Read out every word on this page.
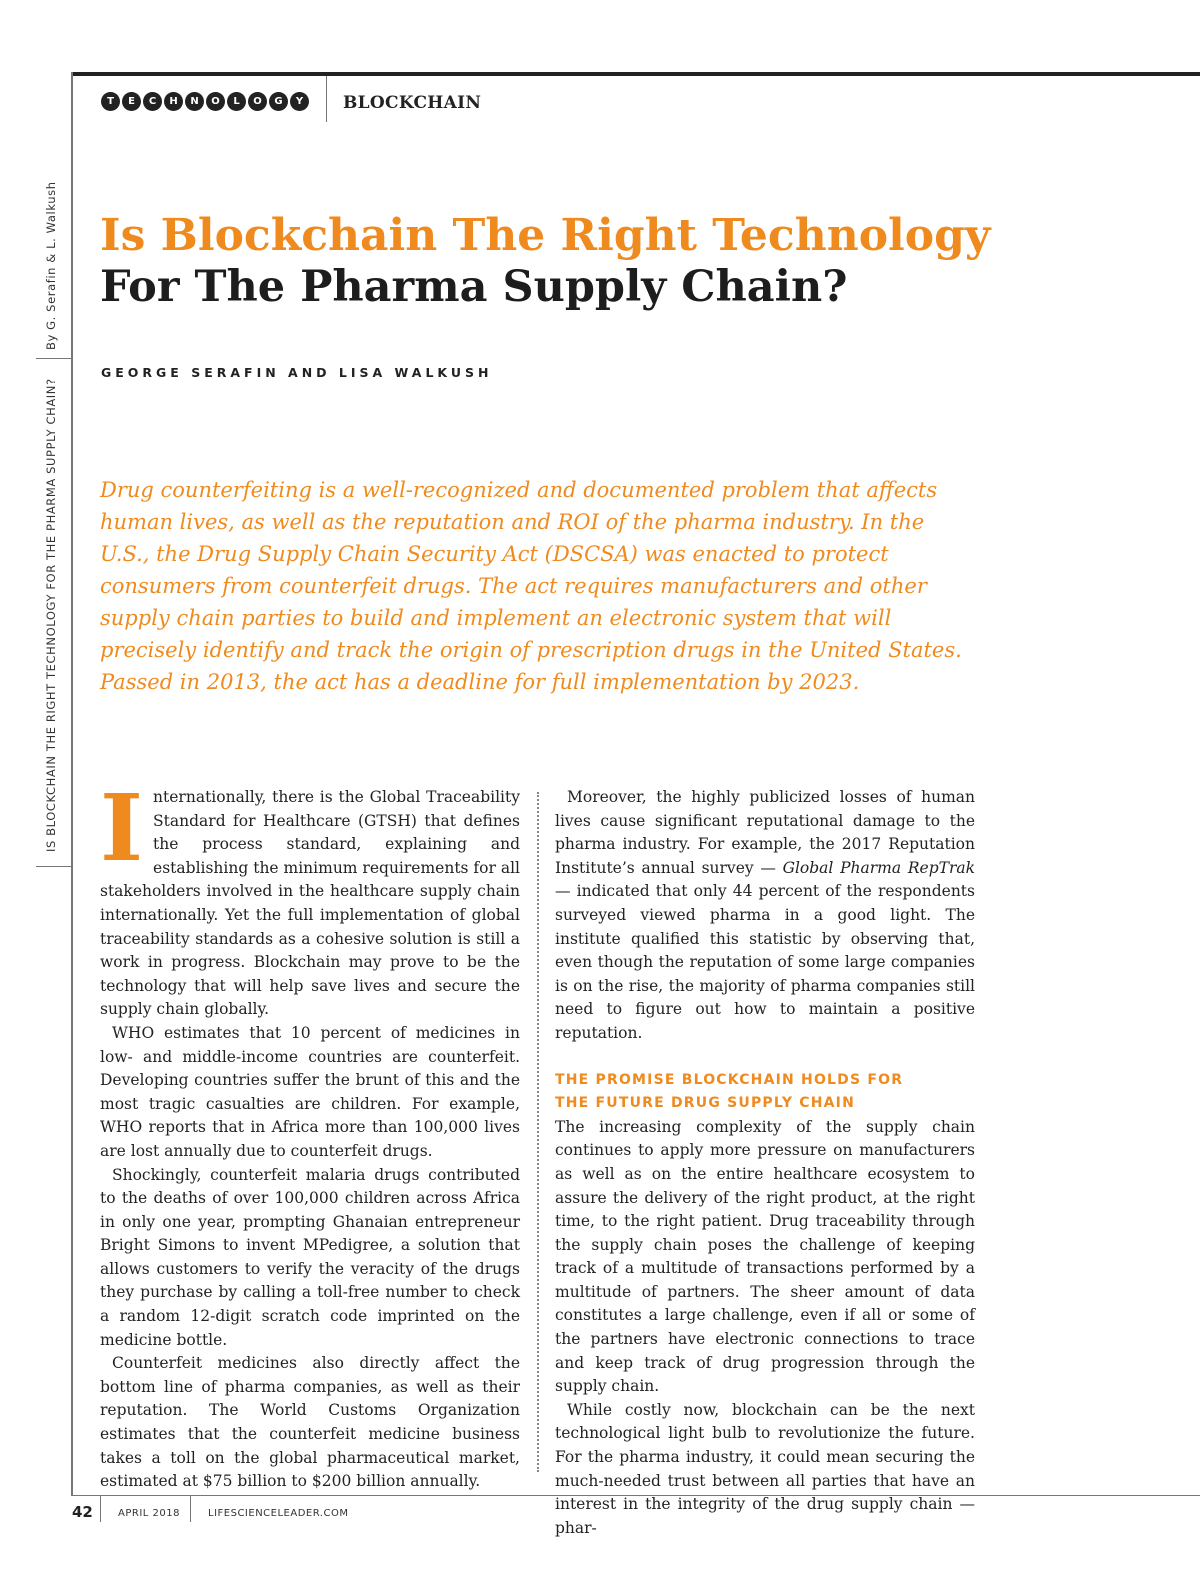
T	E	C	H	N	O	L	O	G	Y	BLOCKCHAIN
By G. Serafin & L. Walkush
IS BLOCKCHAIN THE RIGHT TECHNOLOGY FOR THE PHARMA SUPPLY CHAIN?
Is Blockchain The Right Technology
For The Pharma Supply Chain?
GEORGE SERAFIN AND LISA WALKUSH

Drug counterfeiting is a well-recognized and documented problem that affects human lives, as well as the reputation and ROI of the pharma industry. In the U.S., the Drug Supply Chain Security Act (DSCSA) was enacted to protect consumers from counterfeit drugs. The act requires manufacturers and other supply chain parties to build and implement an electronic system that will precisely identify and track the origin of prescription drugs in the United States. Passed in 2013, the act has a deadline for full implementation by 2023.

Internationally, there is the Global Traceability Standard for Healthcare (GTSH) that defines the process standard, explaining and establishing the minimum requirements for all stakeholders involved in the healthcare supply chain internationally. Yet the full implementation of global traceability standards as a cohesive solution is still a work in progress. Blockchain may prove to be the technology that will help save lives and secure the supply chain globally.

WHO estimates that 10 percent of medicines in low- and middle-income countries are counterfeit. Developing countries suffer the brunt of this and the most tragic casualties are children. For example, WHO reports that in Africa more than 100,000 lives are lost annually due to counterfeit drugs.

Shockingly, counterfeit malaria drugs contributed to the deaths of over 100,000 children across Africa in only one year, prompting Ghanaian entrepreneur Bright Simons to invent MPedigree, a solution that allows customers to verify the veracity of the drugs they purchase by calling a toll-free number to check a random 12-digit scratch code imprinted on the medicine bottle.

Counterfeit medicines also directly affect the bottom line of pharma companies, as well as their reputation. The World Customs Organization estimates that the counterfeit medicine business takes a toll on the global pharmaceutical market, estimated at $75 billion to $200 billion annually.

Moreover, the highly publicized losses of human lives cause significant reputational damage to the pharma industry. For example, the 2017 Reputation Institute’s annual survey — Global Pharma RepTrak — indicated that only 44 percent of the respondents surveyed viewed pharma in a good light. The institute qualified this statistic by observing that, even though the reputation of some large companies is on the rise, the majority of pharma companies still need to figure out how to maintain a positive reputation.

THE PROMISE BLOCKCHAIN HOLDS FOR
THE FUTURE DRUG SUPPLY CHAIN

The increasing complexity of the supply chain continues to apply more pressure on manufacturers as well as on the entire healthcare ecosystem to assure the delivery of the right product, at the right time, to the right patient. Drug traceability through the supply chain poses the challenge of keeping track of a multitude of transactions performed by a multitude of partners. The sheer amount of data constitutes a large challenge, even if all or some of the partners have electronic connections to trace and keep track of drug progression through the supply chain.

While costly now, blockchain can be the next technological light bulb to revolutionize the future. For the pharma industry, it could mean securing the much-needed trust between all parties that have an interest in the integrity of the drug supply chain — phar-

42	APRIL 2018	LIFESCIENCELEADER.COM
